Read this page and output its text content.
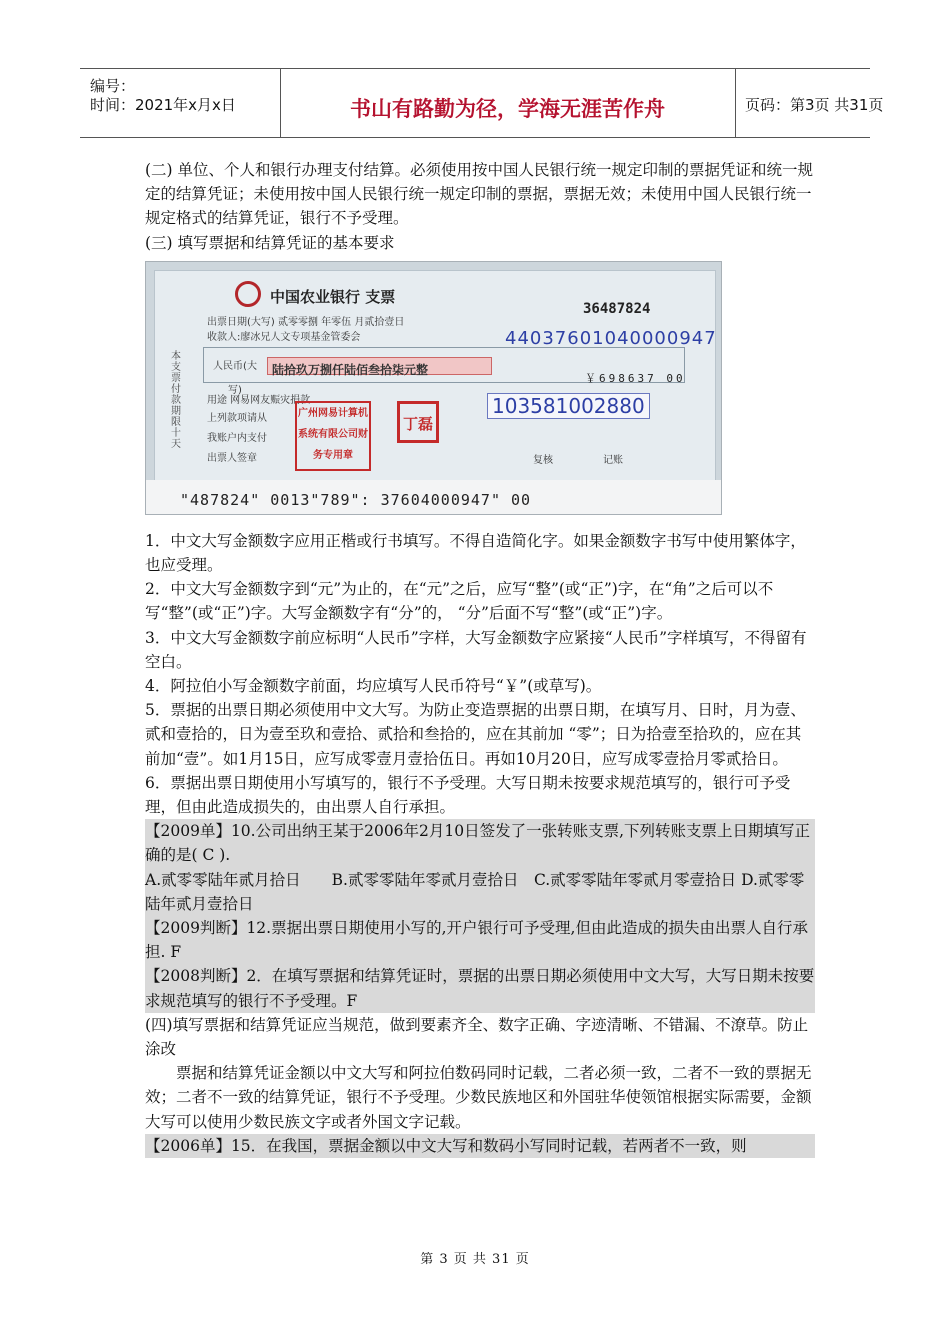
编号：
时间：2021年x月x日	书山有路勤为径，学海无涯苦作舟	页码：第3页 共31页

(二) 单位、个人和银行办理支付结算。必须使用按中国人民银行统一规定印制的票据凭证和统一规定的结算凭证；未使用按中国人民银行统一规定印制的票据，票据无效；未使用中国人民银行统一规定格式的结算凭证，银行不予受理。

(三) 填写票据和结算凭证的基本要求

本支票付款期限十天
中国农业银行 支票
36487824
出票日期(大写) 贰零零捌 年零伍 月贰拾壹日
收款人:廖冰兄人文专项基金管委会	44037601040000947
人民币(大写)
陆拾玖万捌仟陆佰叁拾柒元整
￥698637 00
用途 网易网友赈灾捐款
上列款项请从
我账户内支付
出票人签章
广州网易计算机系统有限公司财务专用章
丁磊
103581002880
复核	记账
"487824" 0013"789": 37604000947" 00

1．中文大写金额数字应用正楷或行书填写。不得自造简化字。如果金额数字书写中使用繁体字，也应受理。

2．中文大写金额数字到“元”为止的，在“元”之后，应写“整”(或“正”)字，在“角”之后可以不写“整”(或“正”)字。大写金额数字有“分”的， “分”后面不写“整”(或“正”)字。

3．中文大写金额数字前应标明“人民币”字样，大写金额数字应紧接“人民币”字样填写，不得留有空白。

4．阿拉伯小写金额数字前面，均应填写人民币符号“￥”(或草写)。

5．票据的出票日期必须使用中文大写。为防止变造票据的出票日期，在填写月、日时，月为壹、贰和壹拾的，日为壹至玖和壹拾、贰拾和叁拾的，应在其前加 “零”；日为拾壹至拾玖的，应在其前加“壹”。如1月15日，应写成零壹月壹拾伍日。再如10月20日，应写成零壹拾月零贰拾日。

6．票据出票日期使用小写填写的，银行不予受理。大写日期未按要求规范填写的，银行可予受理，但由此造成损失的，由出票人自行承担。

【2009单】10.公司出纳王某于2006年2月10日签发了一张转账支票,下列转账支票上日期填写正确的是( C ).

A.贰零零陆年贰月拾日　　B.贰零零陆年零贰月壹拾日　C.贰零零陆年零贰月零壹拾日 D.贰零零陆年贰月壹拾日

【2009判断】12.票据出票日期使用小写的,开户银行可予受理,但由此造成的损失由出票人自行承担. F

【2008判断】2．在填写票据和结算凭证时，票据的出票日期必须使用中文大写，大写日期未按要求规范填写的银行不予受理。F

(四)填写票据和结算凭证应当规范，做到要素齐全、数字正确、字迹清晰、不错漏、不潦草。防止涂改

票据和结算凭证金额以中文大写和阿拉伯数码同时记载，二者必须一致，二者不一致的票据无效；二者不一致的结算凭证，银行不予受理。少数民族地区和外国驻华使领馆根据实际需要，金额大写可以使用少数民族文字或者外国文字记载。

【2006单】15．在我国，票据金额以中文大写和数码小写同时记载，若两者不一致，则

第 3 页 共 31 页
